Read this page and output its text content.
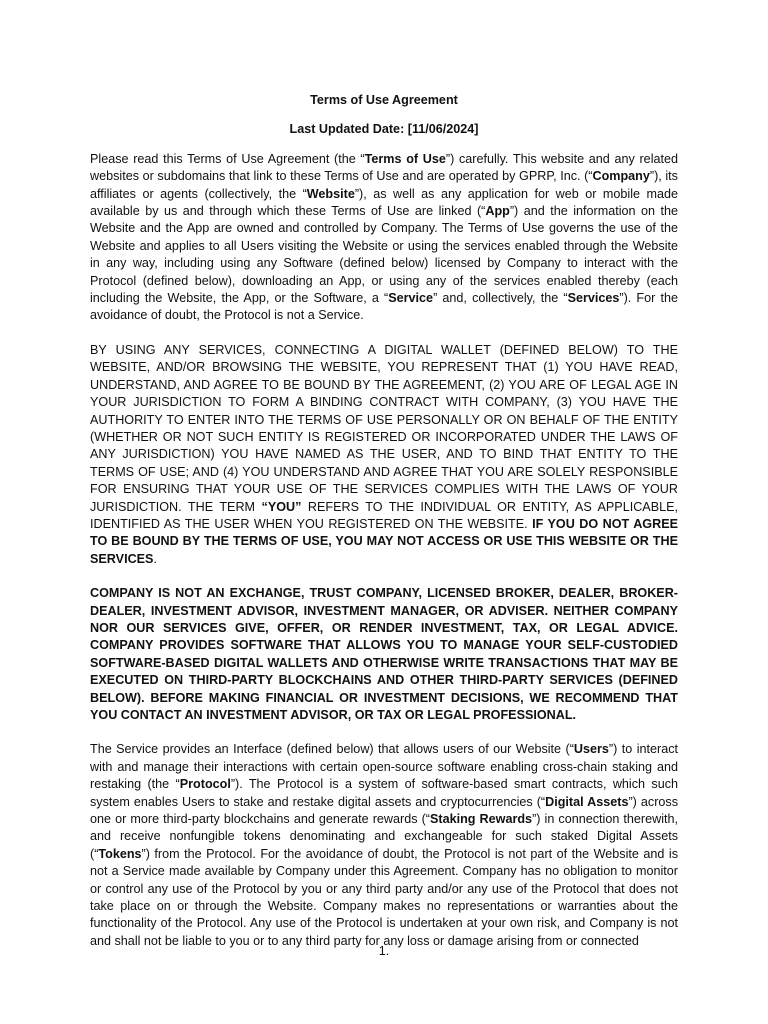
Terms of Use Agreement

Last Updated Date: [11/06/2024]

Please read this Terms of Use Agreement (the “Terms of Use”) carefully. This website and any related websites or subdomains that link to these Terms of Use and are operated by GPRP, Inc. (“Company”), its affiliates or agents (collectively, the “Website”), as well as any application for web or mobile made available by us and through which these Terms of Use are linked (“App”) and the information on the Website and the App are owned and controlled by Company. The Terms of Use governs the use of the Website and applies to all Users visiting the Website or using the services enabled through the Website in any way, including using any Software (defined below) licensed by Company to interact with the Protocol (defined below), downloading an App, or using any of the services enabled thereby (each including the Website, the App, or the Software, a “Service” and, collectively, the “Services”). For the avoidance of doubt, the Protocol is not a Service.

BY USING ANY SERVICES, CONNECTING A DIGITAL WALLET (DEFINED BELOW) TO THE WEBSITE, AND/OR BROWSING THE WEBSITE, YOU REPRESENT THAT (1) YOU HAVE READ, UNDERSTAND, AND AGREE TO BE BOUND BY THE AGREEMENT, (2) YOU ARE OF LEGAL AGE IN YOUR JURISDICTION TO FORM A BINDING CONTRACT WITH COMPANY, (3) YOU HAVE THE AUTHORITY TO ENTER INTO THE TERMS OF USE PERSONALLY OR ON BEHALF OF THE ENTITY (WHETHER OR NOT SUCH ENTITY IS REGISTERED OR INCORPORATED UNDER THE LAWS OF ANY JURISDICTION) YOU HAVE NAMED AS THE USER, AND TO BIND THAT ENTITY TO THE TERMS OF USE; AND (4) YOU UNDERSTAND AND AGREE THAT YOU ARE SOLELY RESPONSIBLE FOR ENSURING THAT YOUR USE OF THE SERVICES COMPLIES WITH THE LAWS OF YOUR JURISDICTION. THE TERM “YOU” REFERS TO THE INDIVIDUAL OR ENTITY, AS APPLICABLE, IDENTIFIED AS THE USER WHEN YOU REGISTERED ON THE WEBSITE. IF YOU DO NOT AGREE TO BE BOUND BY THE TERMS OF USE, YOU MAY NOT ACCESS OR USE THIS WEBSITE OR THE SERVICES.

COMPANY IS NOT AN EXCHANGE, TRUST COMPANY, LICENSED BROKER, DEALER, BROKER-DEALER, INVESTMENT ADVISOR, INVESTMENT MANAGER, OR ADVISER. NEITHER COMPANY NOR OUR SERVICES GIVE, OFFER, OR RENDER INVESTMENT, TAX, OR LEGAL ADVICE. COMPANY PROVIDES SOFTWARE THAT ALLOWS YOU TO MANAGE YOUR SELF-CUSTODIED SOFTWARE-BASED DIGITAL WALLETS AND OTHERWISE WRITE TRANSACTIONS THAT MAY BE EXECUTED ON THIRD-PARTY BLOCKCHAINS AND OTHER THIRD-PARTY SERVICES (DEFINED BELOW). BEFORE MAKING FINANCIAL OR INVESTMENT DECISIONS, WE RECOMMEND THAT YOU CONTACT AN INVESTMENT ADVISOR, OR TAX OR LEGAL PROFESSIONAL.

The Service provides an Interface (defined below) that allows users of our Website (“Users”) to interact with and manage their interactions with certain open-source software enabling cross-chain staking and restaking (the “Protocol”). The Protocol is a system of software-based smart contracts, which such system enables Users to stake and restake digital assets and cryptocurrencies (“Digital Assets”) across one or more third-party blockchains and generate rewards (“Staking Rewards”) in connection therewith, and receive nonfungible tokens denominating and exchangeable for such staked Digital Assets (“Tokens”) from the Protocol. For the avoidance of doubt, the Protocol is not part of the Website and is not a Service made available by Company under this Agreement. Company has no obligation to monitor or control any use of the Protocol by you or any third party and/or any use of the Protocol that does not take place on or through the Website. Company makes no representations or warranties about the functionality of the Protocol. Any use of the Protocol is undertaken at your own risk, and Company is not and shall not be liable to you or to any third party for any loss or damage arising from or connected

1.
